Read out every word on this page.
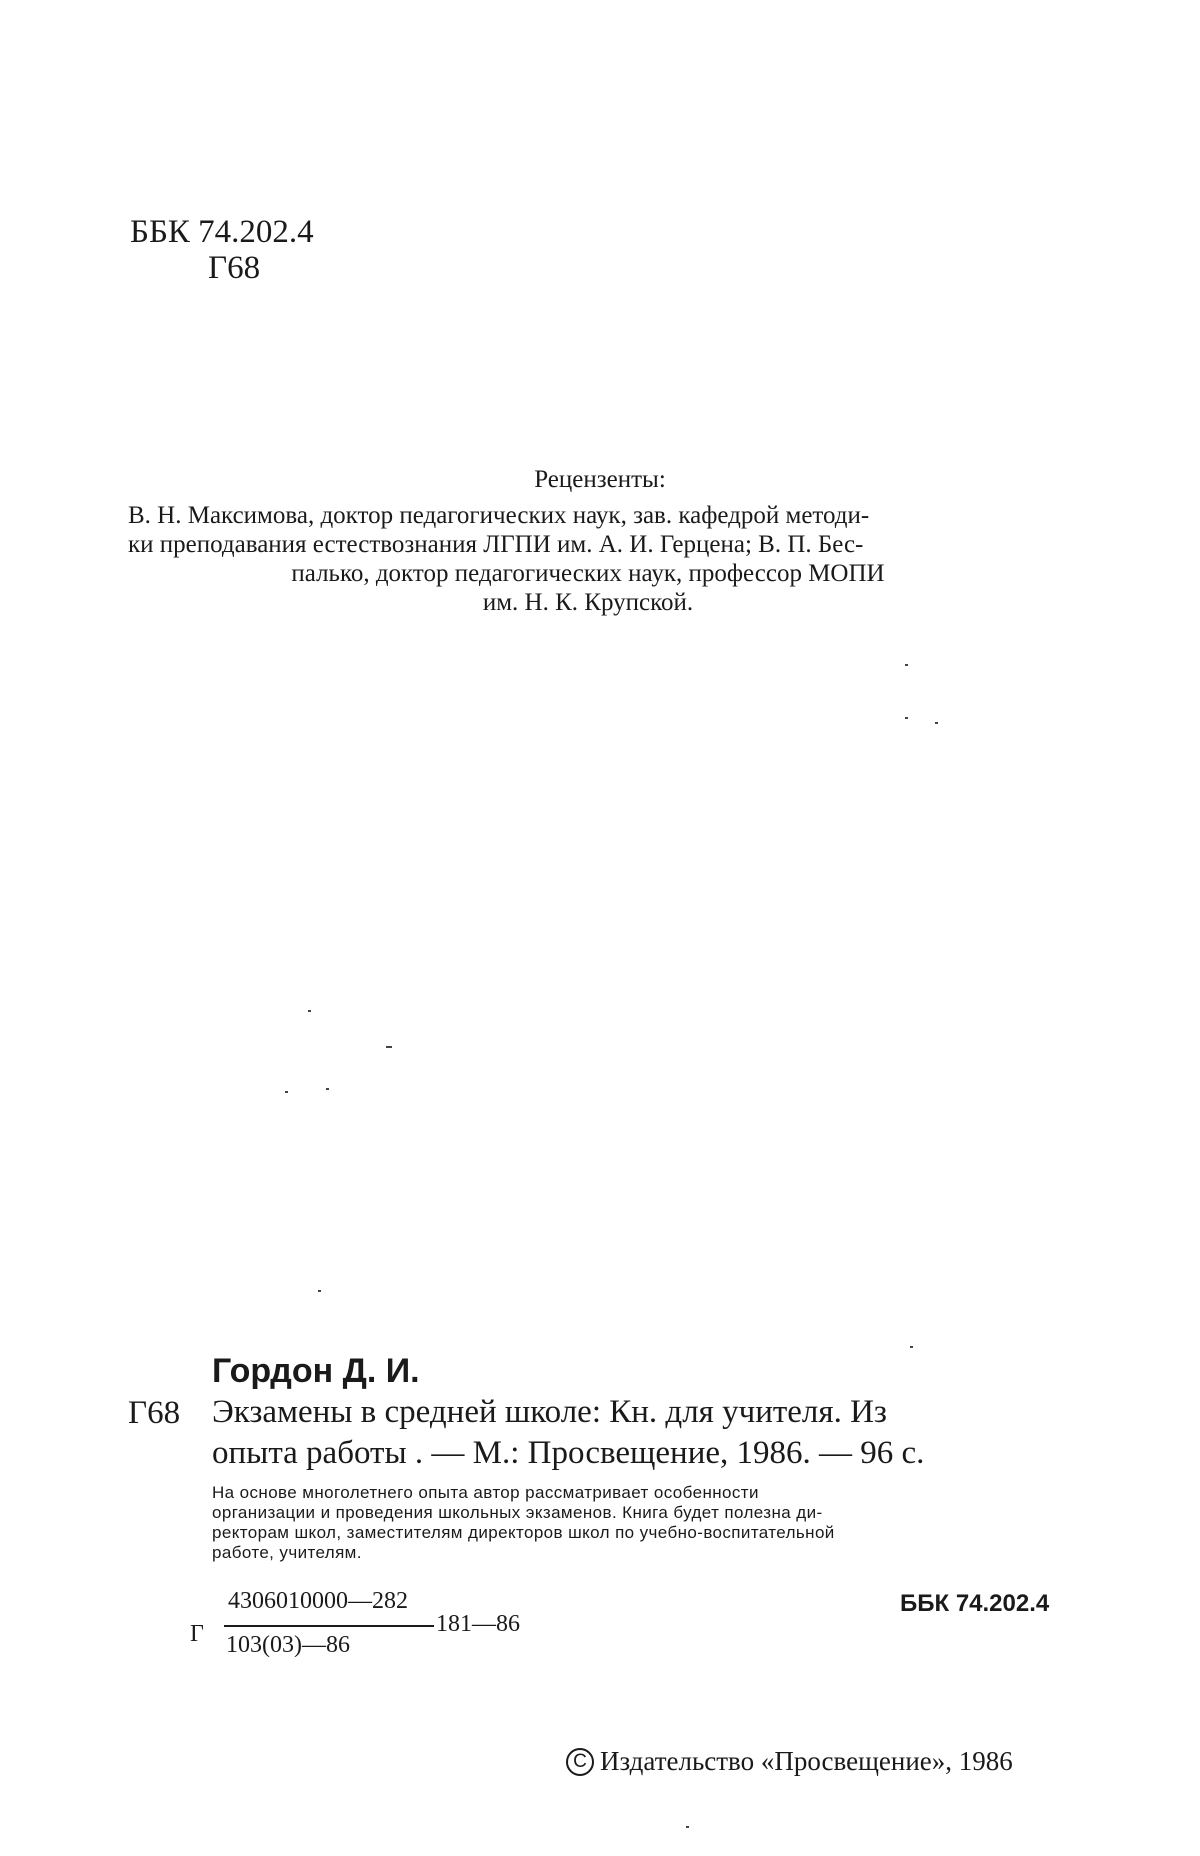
ББК 74.202.4
Г68
Рецензенты:
В. Н. Максимова, доктор педагогических наук, зав. кафедрой методи-
ки преподавания естествознания ЛГПИ им. А. И. Герцена; В. П. Бес-
палько, доктор педагогических наук, профессор МОПИ
им. Н. К. Крупской.
Гордон Д. И.
Г68 Экзамены в средней школе: Кн. для учителя. Из
опыта работы . — М.: Просвещение, 1986. — 96 с.
На основе многолетнего опыта автор рассматривает особенности
организации и проведения школьных экзаменов. Книга будет полезна ди-
ректорам школ, заместителям директоров школ по учебно-воспитательной
работе, учителям.
Г
4306010000—282
103(03)—86
181—86
ББК 74.202.4
C Издательство «Просвещение», 1986
